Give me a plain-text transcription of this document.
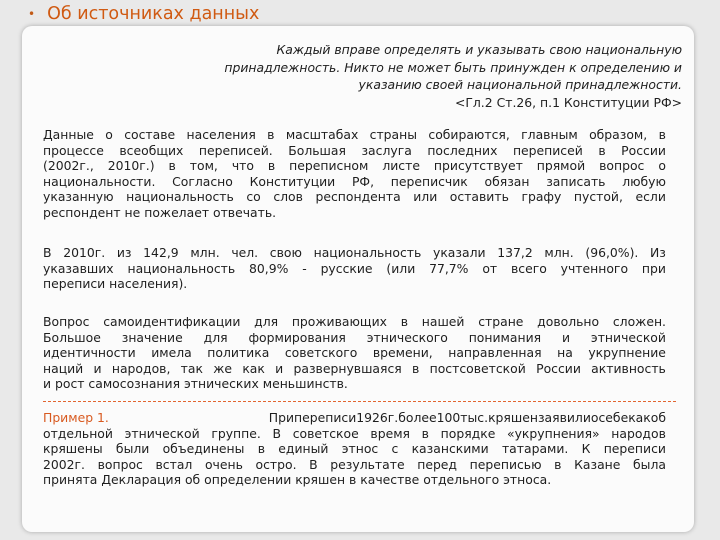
• Об источниках данных
Каждый вправе определять и указывать свою национальную
принадлежность. Никто не может быть принужден к определению и
указанию своей национальной принадлежности.
<Гл.2 Ст.26, п.1 Конституции РФ>
Данные о составе населения в масштабах страны собираются, главным образом, в
процессе всеобщих переписей. Большая заслуга последних переписей в России
(2002г., 2010г.) в том, что в переписном листе присутствует прямой вопрос о
национальности. Согласно Конституции РФ, переписчик обязан записать любую
указанную национальность со слов респондента или оставить графу пустой, если
респондент не пожелает отвечать.
В 2010г. из 142,9 млн. чел. свою национальность указали 137,2 млн. (96,0%). Из
указавших национальность 80,9% - русские (или 77,7% от всего учтенного при
переписи населения).
Вопрос самоидентификации для проживающих в нашей стране довольно сложен.
Большое значение для формирования этнического понимания и этнической
идентичности имела политика советского времени, направленная на укрупнение
наций и народов, так же как и развернувшаяся в постсоветской России активность
и рост самосознания этнических меньшинств.
Пример 1.	Припереписи1926г.более100тыс.кряшензаявилиосебекакоб
отдельной этнической группе. В советское время в порядке «укрупнения» народов
кряшены были объединены в единый этнос с казанскими татарами. К переписи
2002г. вопрос встал очень остро. В результате перед переписью в Казане была
принята Декларация об определении кряшен в качестве отдельного этноса.
